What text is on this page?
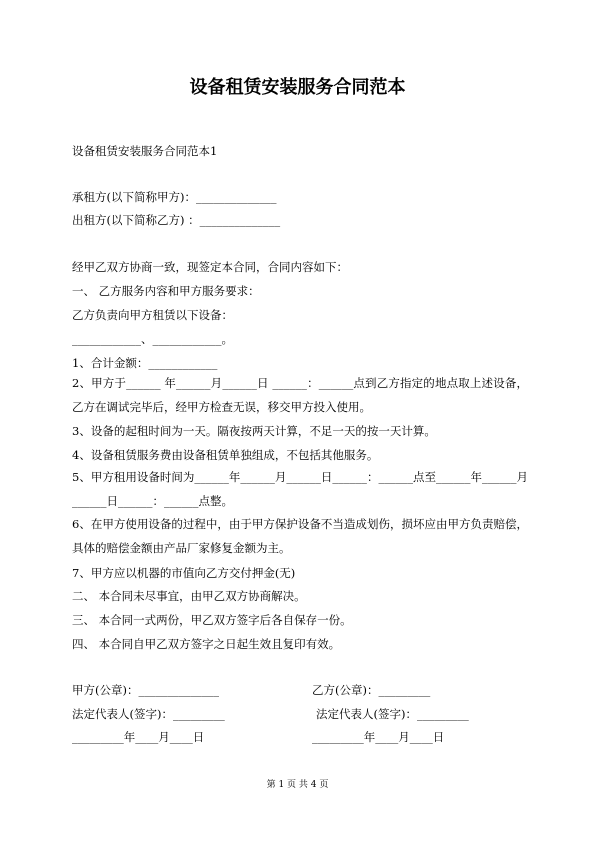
设备租赁安装服务合同范本
设备租赁安装服务合同范本1
承租方(以下简称甲方)：______________
出租方(以下简称乙方) ：______________
经甲乙双方协商一致，现签定本合同，合同内容如下：
一、 乙方服务内容和甲方服务要求：
乙方负责向甲方租赁以下设备：
____________、____________。
1、合计金额：____________
2、甲方于______ 年______月______日 ______：______点到乙方指定的地点取上述设备，乙方在调试完毕后，经甲方检查无误，移交甲方投入使用。
3、设备的起租时间为一天。隔夜按两天计算，不足一天的按一天计算。
4、设备租赁服务费由设备租赁单独组成，不包括其他服务。
5、甲方租用设备时间为______年______月______日______：______点至______年______月______日______：______点整。
6、在甲方使用设备的过程中，由于甲方保护设备不当造成划伤，损坏应由甲方负责赔偿，具体的赔偿金额由产品厂家修复金额为主。
7、甲方应以机器的市值向乙方交付押金(无)
二、 本合同未尽事宜，由甲乙双方协商解决。
三、 本合同一式两份，甲乙双方签字后各自保存一份。
四、 本合同自甲乙双方签字之日起生效且复印有效。
甲方(公章)：______________	乙方(公章)：_________
法定代表人(签字)：_________	法定代表人(签字)：_________
_________年____月____日	_________年____月____日
第 1 页 共 4 页
